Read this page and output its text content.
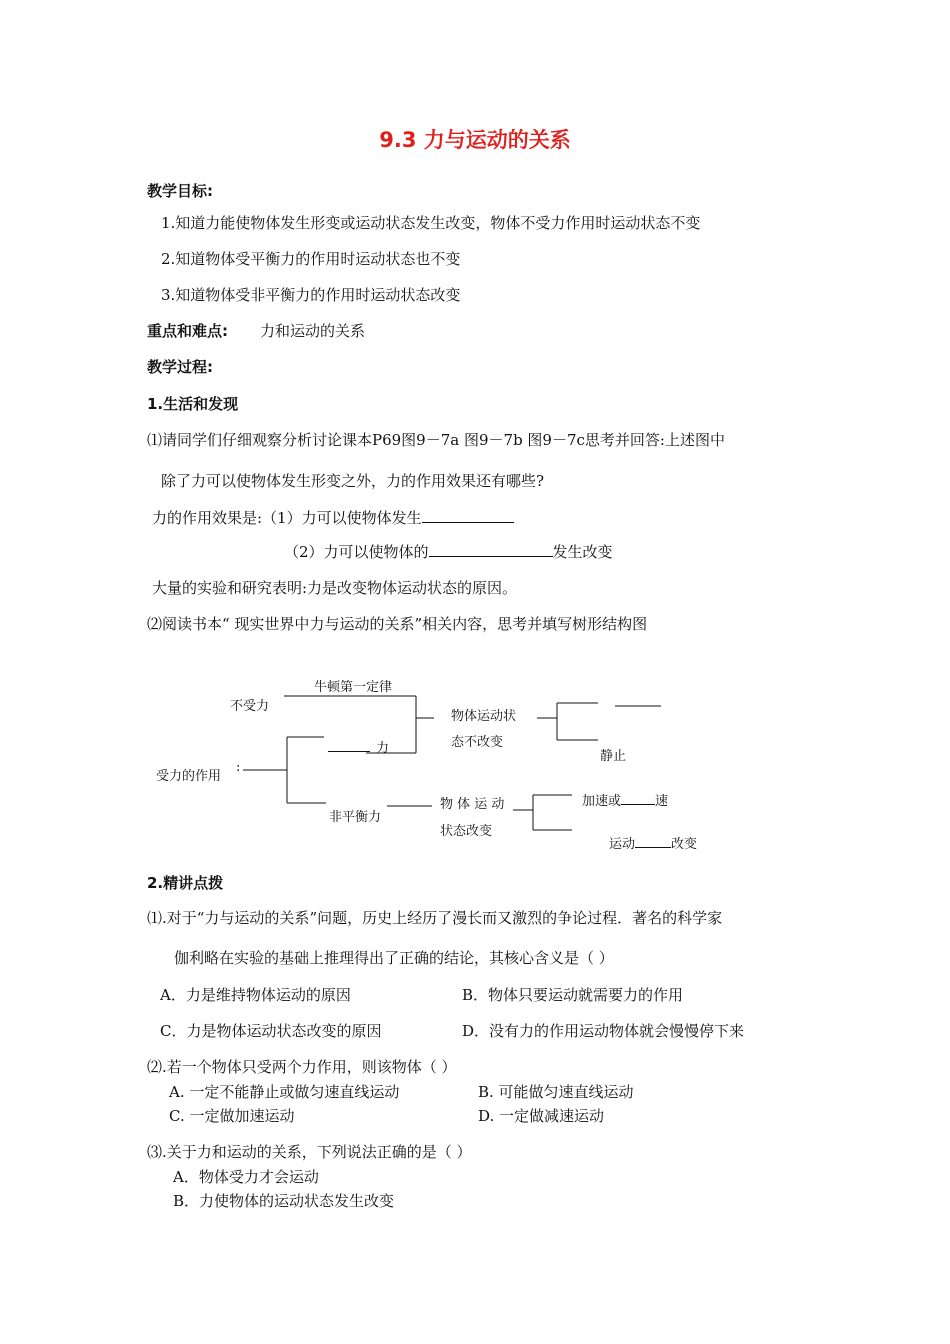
9.3 力与运动的关系
教学目标:
1.知道力能使物体发生形变或运动状态发生改变，物体不受力作用时运动状态不变
2.知道物体受平衡力的作用时运动状态也不变
3.知道物体受非平衡力的作用时运动状态改变
重点和难点: 力和运动的关系
教学过程:
1.生活和发现
⑴请同学们仔细观察分析讨论课本P69图9－7a 图9－7b 图9－7c思考并回答:上述图中
除了力可以使物体发生形变之外，力的作用效果还有哪些?
力的作用效果是:（1）力可以使物体发生
（2）力可以使物体的	发生改变
大量的实验和研究表明:力是改变物体运动状态的原因。
⑵阅读书本“ 现实世界中力与运动的关系”相关内容，思考并填写树形结构图
不受力
牛顿第一定律
物体运动状
态不改变
力
受力的作用
:
静止
非平衡力
物 体 运 动
状态改变
加速或	速
运动	改变
2.精讲点拨
⑴.对于“力与运动的关系”问题，历史上经历了漫长而又激烈的争论过程．著名的科学家
伽利略在实验的基础上推理得出了正确的结论，其核心含义是（ ）
A．力是维持物体运动的原因	B．物体只要运动就需要力的作用
C．力是物体运动状态改变的原因	D．没有力的作用运动物体就会慢慢停下来
⑵.若一个物体只受两个力作用，则该物体（ ）
A. 一定不能静止或做匀速直线运动	B. 可能做匀速直线运动
C. 一定做加速运动	D. 一定做减速运动
⑶.关于力和运动的关系，下列说法正确的是（ ）
A．物体受力才会运动
B．力使物体的运动状态发生改变
